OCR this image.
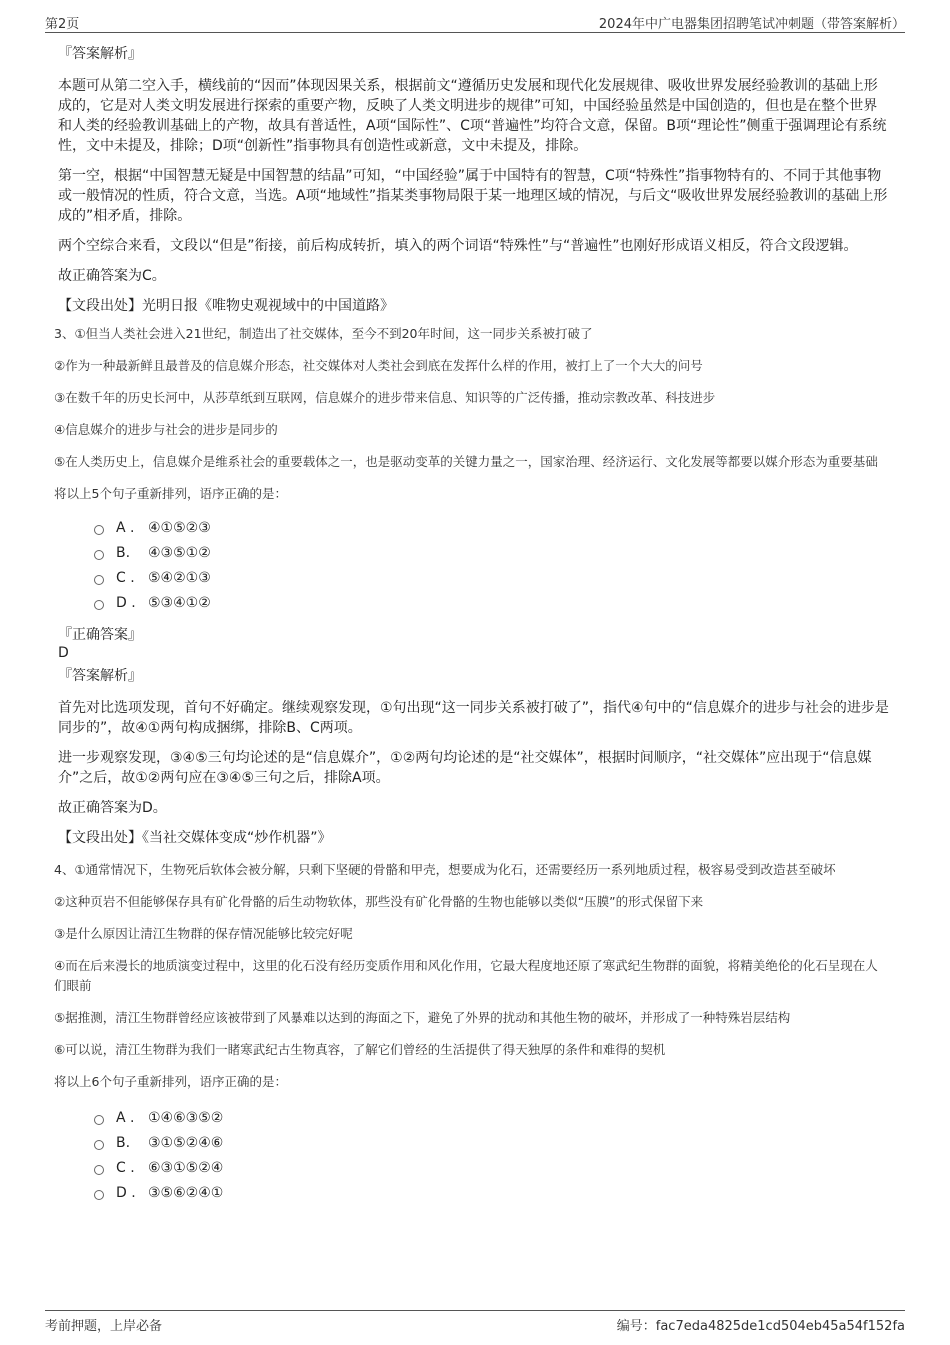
第2页	2024年中广电器集团招聘笔试冲刺题（带答案解析）
『答案解析』

本题可从第二空入手，横线前的“因而”体现因果关系，根据前文“遵循历史发展和现代化发展规律、吸收世界发展经验教训的基础上形成的，它是对人类文明发展进行探索的重要产物，反映了人类文明进步的规律”可知，中国经验虽然是中国创造的，但也是在整个世界和人类的经验教训基础上的产物，故具有普适性，A项“国际性”、C项“普遍性”均符合文意，保留。B项“理论性”侧重于强调理论有系统性，文中未提及，排除；D项“创新性”指事物具有创造性或新意，文中未提及，排除。

第一空，根据“中国智慧无疑是中国智慧的结晶”可知，“中国经验”属于中国特有的智慧，C项“特殊性”指事物特有的、不同于其他事物或一般情况的性质，符合文意，当选。A项“地域性”指某类事物局限于某一地理区域的情况，与后文“吸收世界发展经验教训的基础上形成的”相矛盾，排除。

两个空综合来看，文段以“但是”衔接，前后构成转折，填入的两个词语“特殊性”与“普遍性”也刚好形成语义相反，符合文段逻辑。

故正确答案为C。

【文段出处】光明日报《唯物史观视域中的中国道路》

3、①但当人类社会进入21世纪，制造出了社交媒体，至今不到20年时间，这一同步关系被打破了
②作为一种最新鲜且最普及的信息媒介形态，社交媒体对人类社会到底在发挥什么样的作用，被打上了一个大大的问号
③在数千年的历史长河中，从莎草纸到互联网，信息媒介的进步带来信息、知识等的广泛传播，推动宗教改革、科技进步
④信息媒介的进步与社会的进步是同步的
⑤在人类历史上，信息媒介是维系社会的重要载体之一，也是驱动变革的关键力量之一，国家治理、经济运行、文化发展等都要以媒介形态为重要基础
将以上5个句子重新排列，语序正确的是：
A . ④①⑤②③
B. ④③⑤①②
C . ⑤④②①③
D . ⑤③④①②
『正确答案』
D
『答案解析』

首先对比选项发现，首句不好确定。继续观察发现，①句出现“这一同步关系被打破了”，指代④句中的“信息媒介的进步与社会的进步是同步的”，故④①两句构成捆绑，排除B、C两项。

进一步观察发现，③④⑤三句均论述的是“信息媒介”，①②两句均论述的是“社交媒体”，根据时间顺序，“社交媒体”应出现于“信息媒介”之后，故①②两句应在③④⑤三句之后，排除A项。

故正确答案为D。

【文段出处】《当社交媒体变成“炒作机器”》

4、①通常情况下，生物死后软体会被分解，只剩下坚硬的骨骼和甲壳，想要成为化石，还需要经历一系列地质过程，极容易受到改造甚至破坏
②这种页岩不但能够保存具有矿化骨骼的后生动物软体，那些没有矿化骨骼的生物也能够以类似“压膜”的形式保留下来
③是什么原因让清江生物群的保存情况能够比较完好呢
④而在后来漫长的地质演变过程中，这里的化石没有经历变质作用和风化作用，它最大程度地还原了寒武纪生物群的面貌，将精美绝伦的化石呈现在人们眼前
⑤据推测，清江生物群曾经应该被带到了风暴难以达到的海面之下，避免了外界的扰动和其他生物的破坏，并形成了一种特殊岩层结构
⑥可以说，清江生物群为我们一睹寒武纪古生物真容，了解它们曾经的生活提供了得天独厚的条件和难得的契机
将以上6个句子重新排列，语序正确的是：
A . ①④⑥③⑤②
B. ③①⑤②④⑥
C . ⑥③①⑤②④
D . ③⑤⑥②④①
考前押题，上岸必备	编号：fac7eda4825de1cd504eb45a54f152fa
